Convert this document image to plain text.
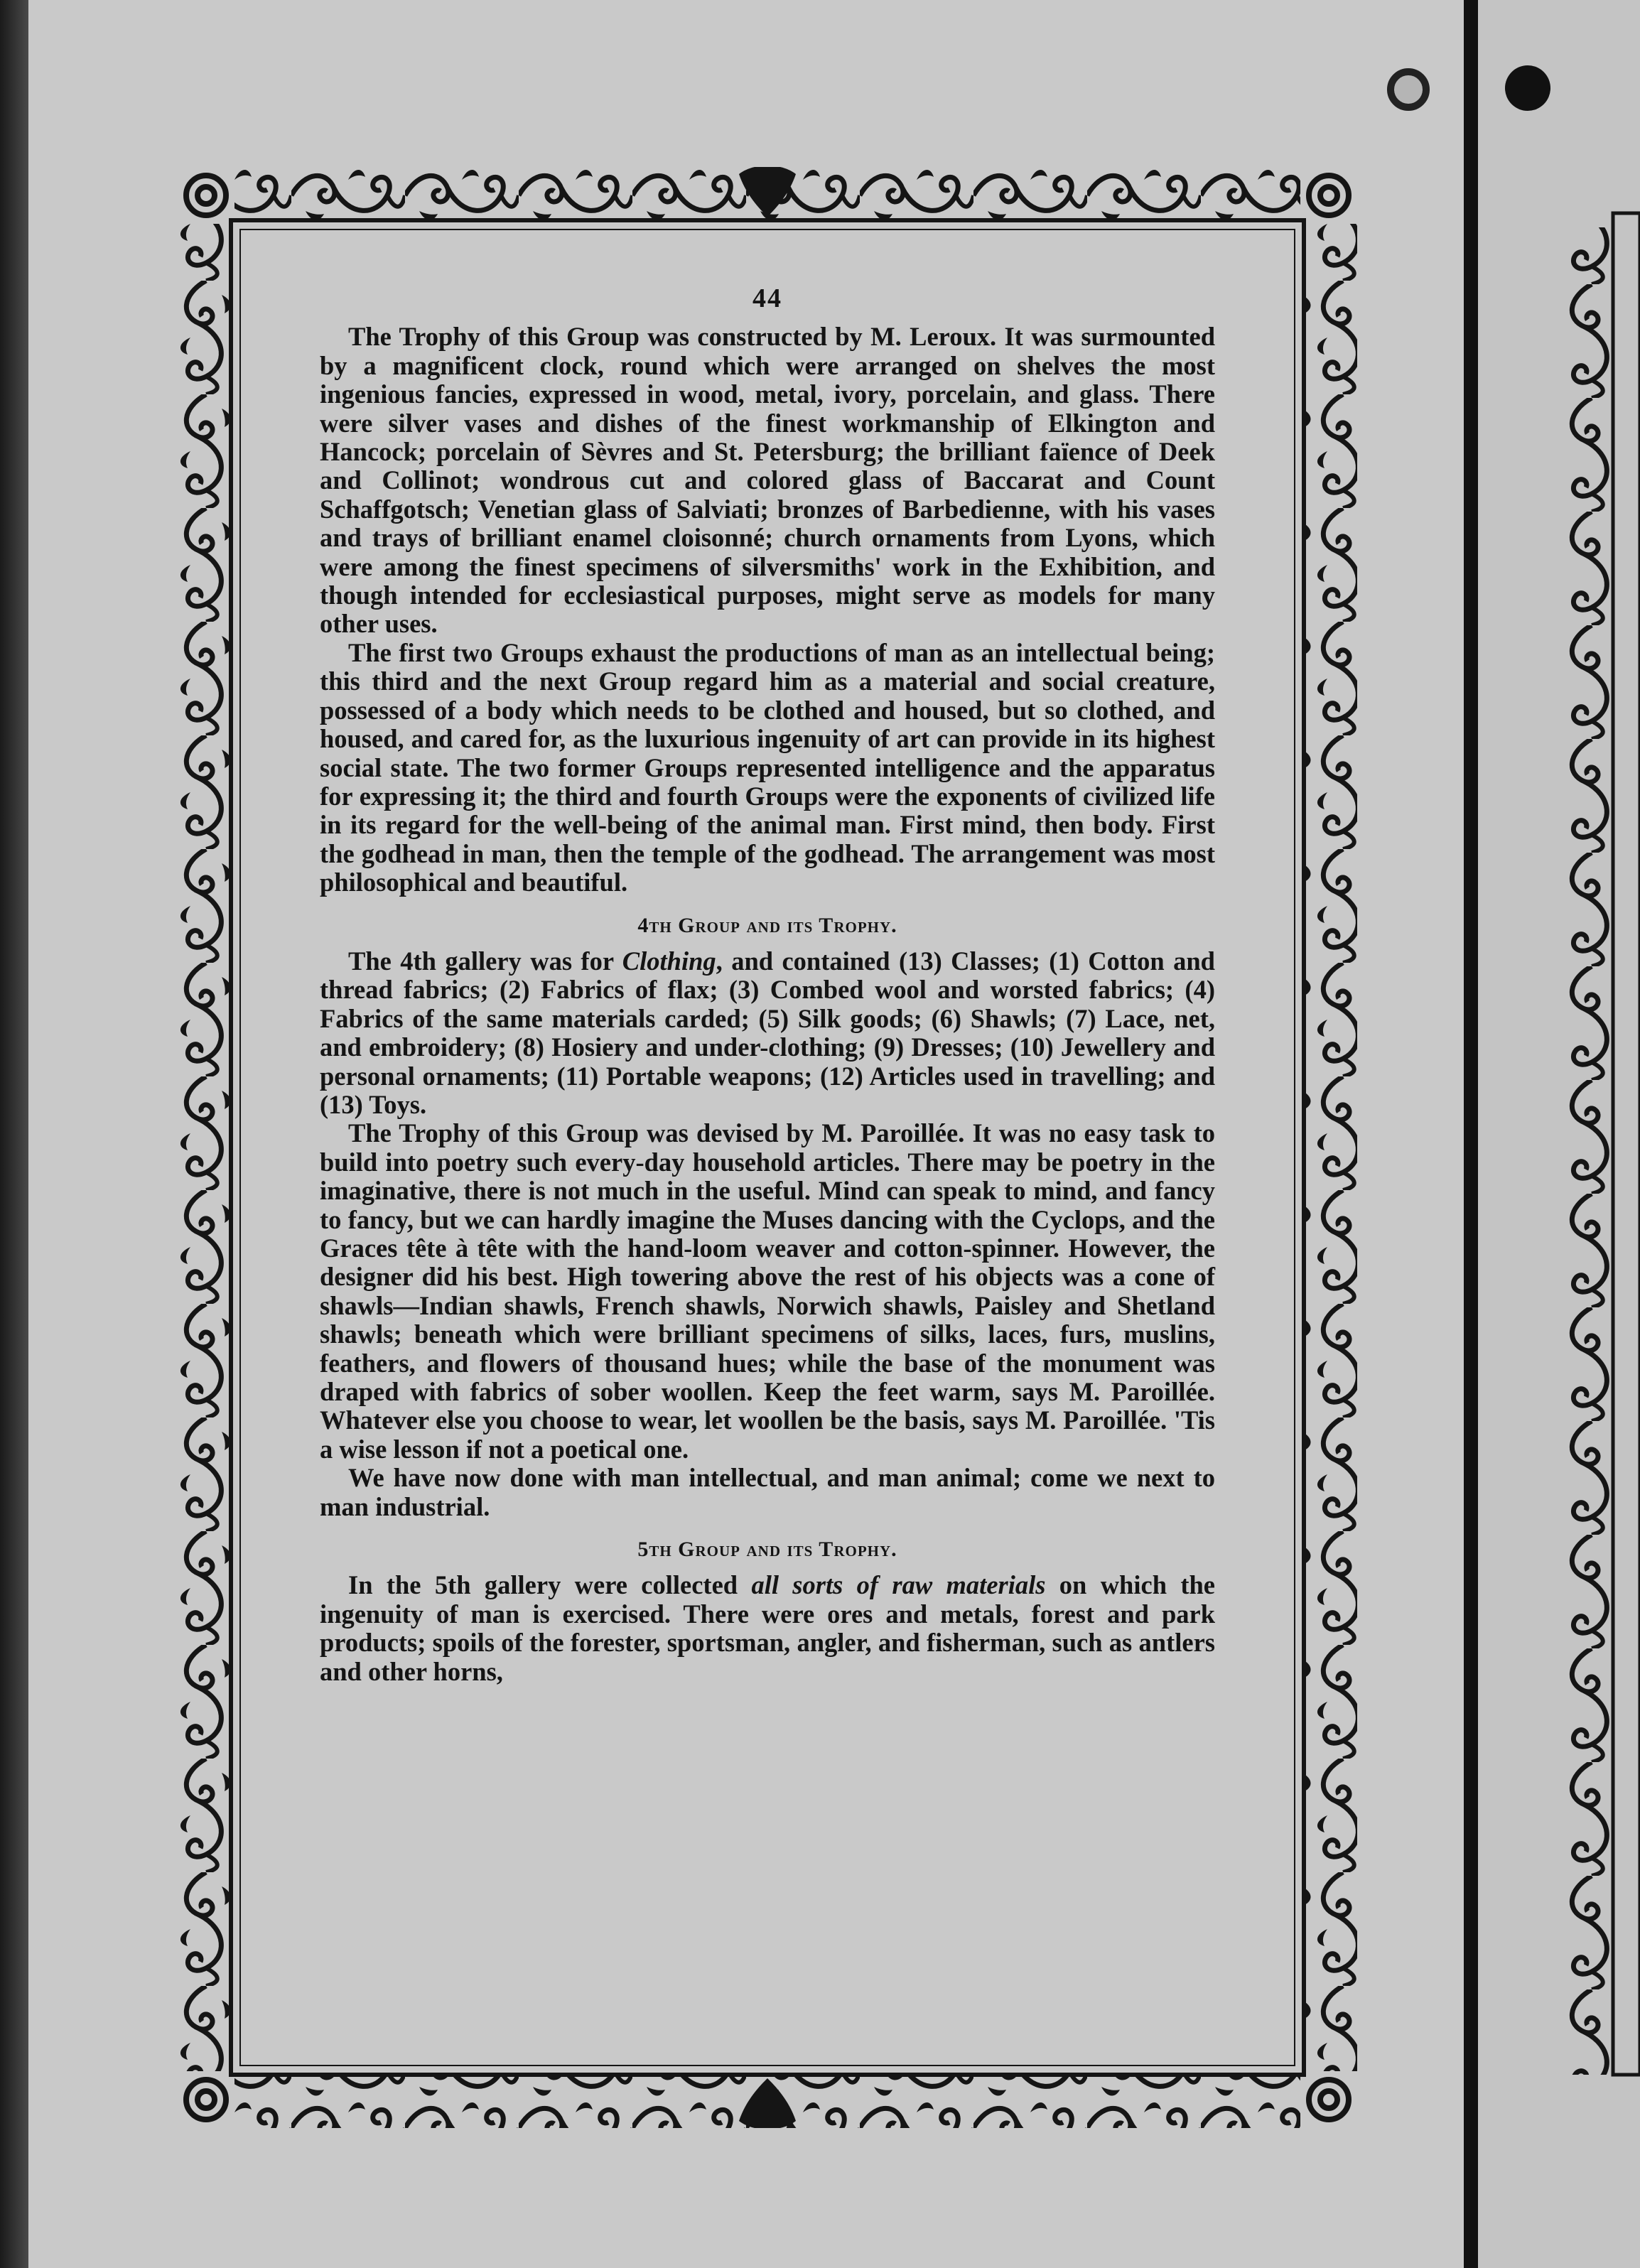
44

The Trophy of this Group was constructed by M. Leroux. It was surmounted by a magnificent clock, round which were arranged on shelves the most ingenious fancies, expressed in wood, metal, ivory, porcelain, and glass. There were silver vases and dishes of the finest workmanship of Elkington and Hancock; porcelain of Sèvres and St. Petersburg; the brilliant faïence of Deek and Collinot; wondrous cut and colored glass of Baccarat and Count Schaffgotsch; Venetian glass of Salviati; bronzes of Barbedienne, with his vases and trays of brilliant enamel cloisonné; church ornaments from Lyons, which were among the finest specimens of silversmiths' work in the Exhibition, and though intended for ecclesiastical purposes, might serve as models for many other uses.

The first two Groups exhaust the productions of man as an intellectual being; this third and the next Group regard him as a material and social creature, possessed of a body which needs to be clothed and housed, but so clothed, and housed, and cared for, as the luxurious ingenuity of art can provide in its highest social state. The two former Groups represented intelligence and the apparatus for expressing it; the third and fourth Groups were the exponents of civilized life in its regard for the well-being of the animal man. First mind, then body. First the godhead in man, then the temple of the godhead. The arrangement was most philosophical and beautiful.

4th Group and its Trophy.

The 4th gallery was for Clothing, and contained (13) Classes; (1) Cotton and thread fabrics; (2) Fabrics of flax; (3) Combed wool and worsted fabrics; (4) Fabrics of the same materials carded; (5) Silk goods; (6) Shawls; (7) Lace, net, and embroidery; (8) Hosiery and under-clothing; (9) Dresses; (10) Jewellery and personal ornaments; (11) Portable weapons; (12) Articles used in travelling; and (13) Toys.

The Trophy of this Group was devised by M. Paroillée. It was no easy task to build into poetry such every-day household articles. There may be poetry in the imaginative, there is not much in the useful. Mind can speak to mind, and fancy to fancy, but we can hardly imagine the Muses dancing with the Cyclops, and the Graces tête à tête with the hand-loom weaver and cotton-spinner. However, the designer did his best. High towering above the rest of his objects was a cone of shawls—Indian shawls, French shawls, Norwich shawls, Paisley and Shetland shawls; beneath which were brilliant specimens of silks, laces, furs, muslins, feathers, and flowers of thousand hues; while the base of the monument was draped with fabrics of sober woollen. Keep the feet warm, says M. Paroillée. Whatever else you choose to wear, let woollen be the basis, says M. Paroillée. 'Tis a wise lesson if not a poetical one.

We have now done with man intellectual, and man animal; come we next to man industrial.

5th Group and its Trophy.

In the 5th gallery were collected all sorts of raw materials on which the ingenuity of man is exercised. There were ores and metals, forest and park products; spoils of the forester, sportsman, angler, and fisherman, such as antlers and other horns,
